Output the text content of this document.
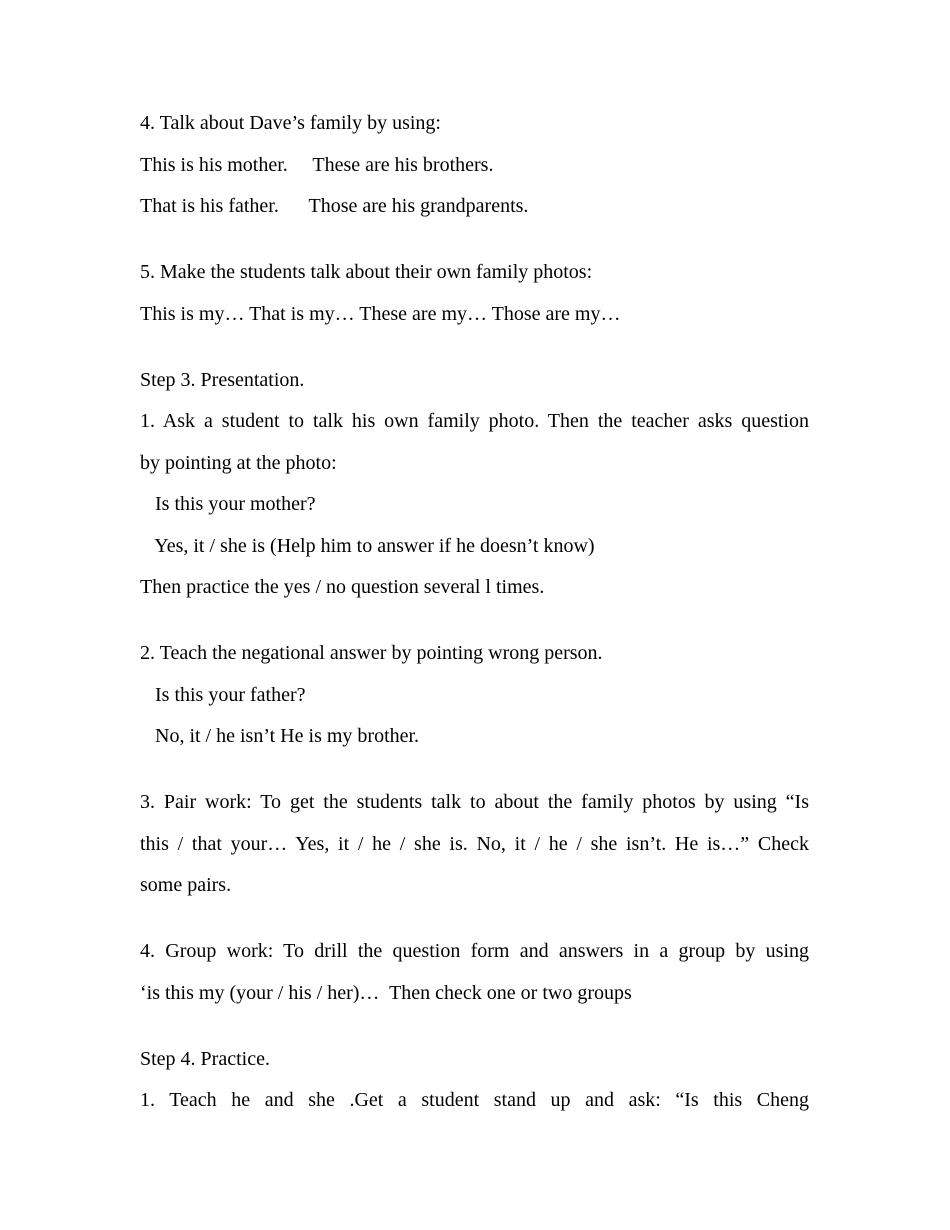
4. Talk about Dave’s family by using:

This is his mother.     These are his brothers.

That is his father.      Those are his grandparents.

5. Make the students talk about their own family photos:

This is my… That is my… These are my… Those are my…

Step 3. Presentation.

1. Ask a student to talk his own family photo. Then the teacher asks question

by pointing at the photo:

Is this your mother?

Yes, it / she is (Help him to answer if he doesn’t know)

Then practice the yes / no question several l times.

2. Teach the negational answer by pointing wrong person.

Is this your father?

No, it / he isn’t He is my brother.

3. Pair work: To get the students talk to about the family photos by using “Is

this / that your… Yes, it / he / she is. No, it / he / she isn’t. He is…” Check

some pairs.

4. Group work: To drill the question form and answers in a group by using

‘is this my (your / his / her)…  Then check one or two groups

Step 4. Practice.

1. Teach he and she .Get a student stand up and ask: “Is this Cheng
